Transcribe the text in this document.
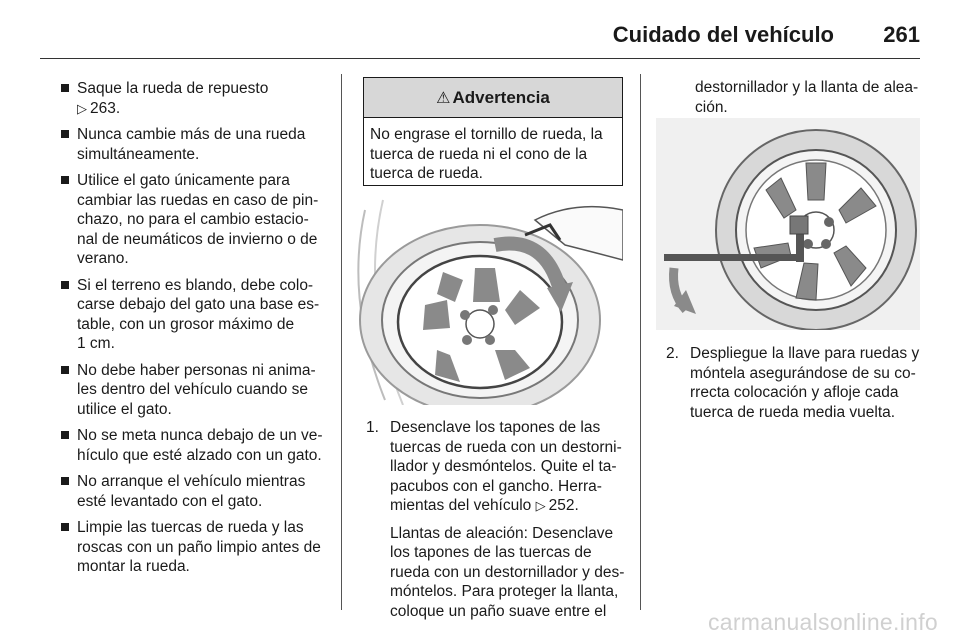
Cuidado del vehículo 261
Saque la rueda de repuesto
▷ 263.
Nunca cambie más de una rueda
simultáneamente.
Utilice el gato únicamente para
cambiar las ruedas en caso de pin-
chazo, no para el cambio estacio-
nal de neumáticos de invierno o de
verano.
Si el terreno es blando, debe colo-
carse debajo del gato una base es-
table, con un grosor máximo de
1 cm.
No debe haber personas ni anima-
les dentro del vehículo cuando se
utilice el gato.
No se meta nunca debajo de un ve-
hículo que esté alzado con un gato.
No arranque el vehículo mientras
esté levantado con el gato.
Limpie las tuercas de rueda y las
roscas con un paño limpio antes de
montar la rueda.
⚠ Advertencia
No engrase el tornillo de rueda, la
tuerca de rueda ni el cono de la
tuerca de rueda.
1. Desenclave los tapones de las
tuercas de rueda con un destorni-
llador y desmóntelos. Quite el ta-
pacubos con el gancho. Herra-
mientas del vehículo ▷ 252.

Llantas de aleación: Desenclave
los tapones de las tuercas de
rueda con un destornillador y des-
móntelos. Para proteger la llanta,
coloque un paño suave entre el

destornillador y la llanta de alea-
ción.
2. Despliegue la llave para ruedas y
móntela asegurándose de su co-
rrecta colocación y afloje cada
tuerca de rueda media vuelta.
carmanualsonline.info
